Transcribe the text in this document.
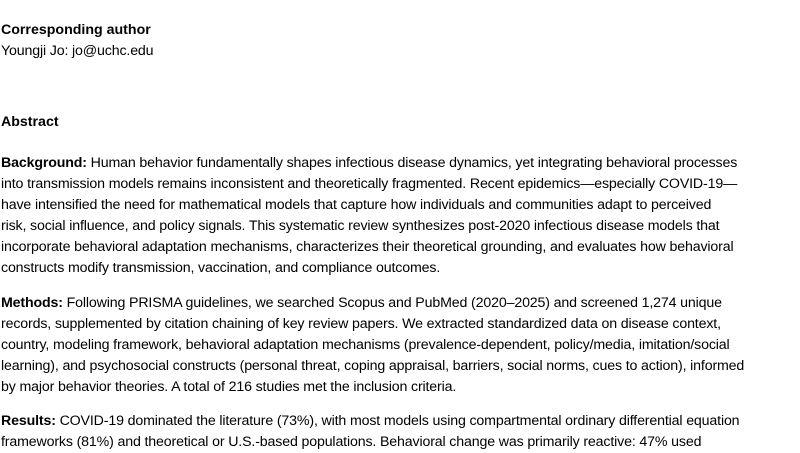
Corresponding author
Youngji Jo: jo@uchc.edu
Abstract
Background: Human behavior fundamentally shapes infectious disease dynamics, yet integrating behavioral processes
into transmission models remains inconsistent and theoretically fragmented. Recent epidemics—especially COVID-19—
have intensified the need for mathematical models that capture how individuals and communities adapt to perceived
risk, social influence, and policy signals. This systematic review synthesizes post-2020 infectious disease models that
incorporate behavioral adaptation mechanisms, characterizes their theoretical grounding, and evaluates how behavioral
constructs modify transmission, vaccination, and compliance outcomes.
Methods: Following PRISMA guidelines, we searched Scopus and PubMed (2020–2025) and screened 1,274 unique
records, supplemented by citation chaining of key review papers. We extracted standardized data on disease context,
country, modeling framework, behavioral adaptation mechanisms (prevalence-dependent, policy/media, imitation/social
learning), and psychosocial constructs (personal threat, coping appraisal, barriers, social norms, cues to action), informed
by major behavior theories. A total of 216 studies met the inclusion criteria.
Results: COVID-19 dominated the literature (73%), with most models using compartmental ordinary differential equation
frameworks (81%) and theoretical or U.S.-based populations. Behavioral change was primarily reactive: 47% used
